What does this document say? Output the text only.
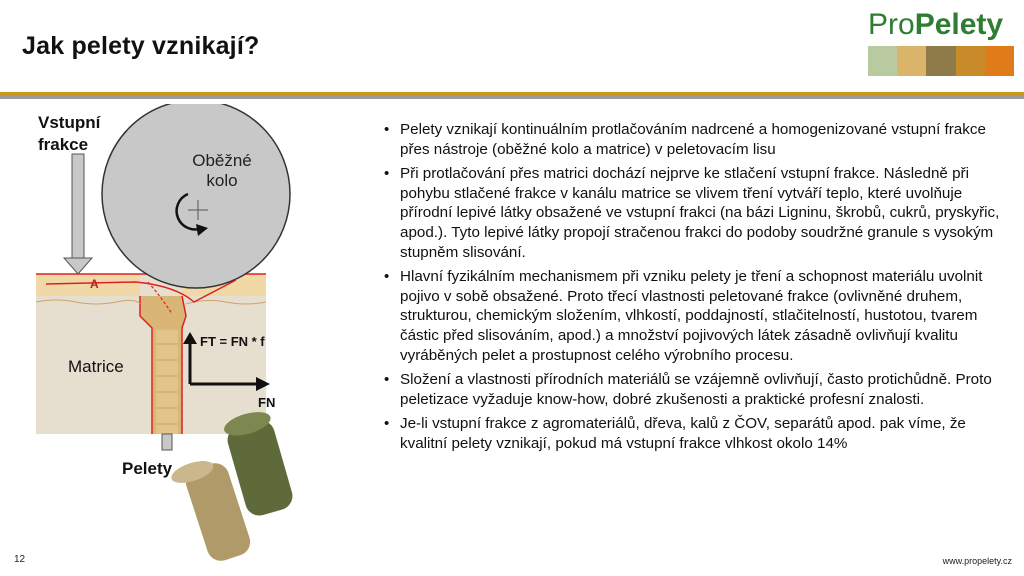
Jak pelety vznikají?
ProPelety
Vstupní
frakce
Oběžné
kolo
A
Matrice
FT = FN * f
FN
Pelety
• Pelety vznikají kontinuálním protlačováním nadrcené a homogenizované vstupní frakce přes nástroje (oběžné kolo a matrice) v peletovacím lisu
• Při protlačování přes matrici dochází nejprve ke stlačení vstupní frakce. Následně při pohybu stlačené frakce v kanálu matrice se vlivem tření vytváří teplo, které uvolňuje přírodní lepivé látky obsažené ve vstupní frakci (na bázi Ligninu, škrobů, cukrů, pryskyřic, apod.). Tyto lepivé látky propojí stračenou frakci do podoby soudržné granule s vysokým stupněm slisování.
• Hlavní fyzikálním mechanismem při vzniku pelety je tření a schopnost materiálu uvolnit pojivo v sobě obsažené. Proto třecí vlastnosti peletované frakce (ovlivněné druhem, strukturou, chemickým složením, vlhkostí, poddajností, stlačitelností, hustotou, tvarem částic před slisováním, apod.) a množství pojivových látek zásadně ovlivňují kvalitu vyráběných pelet a prostupnost celého výrobního procesu.
• Složení a vlastnosti přírodních materiálů se vzájemně ovlivňují, často protichůdně. Proto peletizace vyžaduje know-how, dobré zkušenosti a praktické profesní znalosti.
• Je-li vstupní frakce z agromateriálů, dřeva, kalů z ČOV, separátů apod. pak víme, že kvalitní pelety vznikají, pokud má vstupní frakce vlhkost okolo 14%
12	www.propelety.cz
